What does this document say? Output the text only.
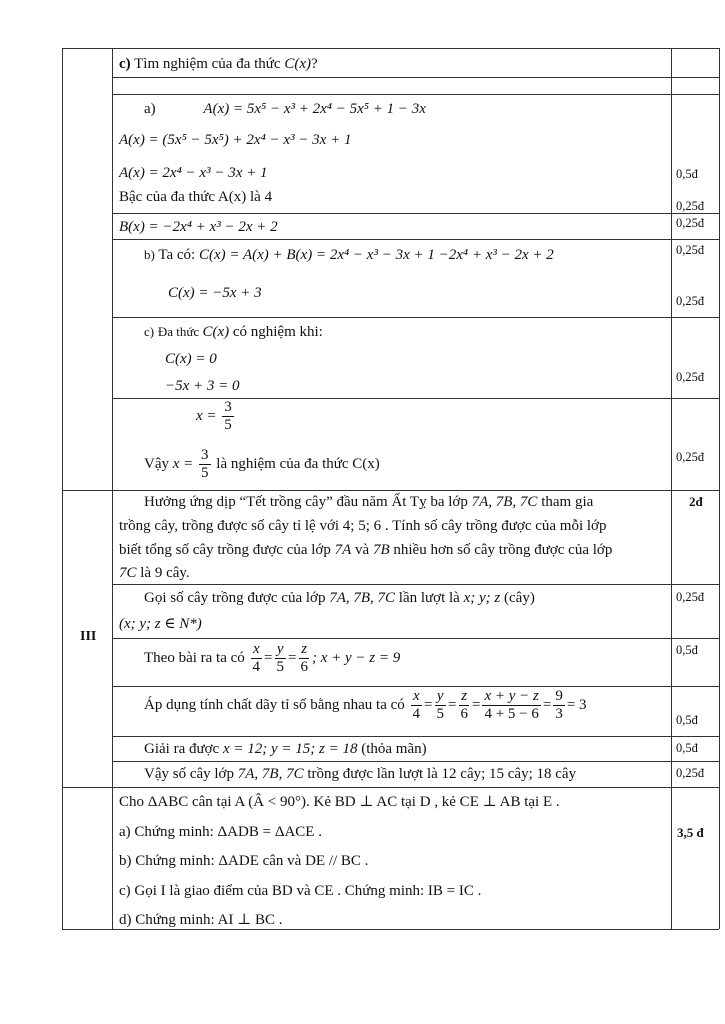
c) Tìm nghiệm của đa thức C(x)?
a)	A(x) = 5x⁵ − x³ + 2x⁴ − 5x⁵ + 1 − 3x
A(x) = (5x⁵ − 5x⁵) + 2x⁴ − x³ − 3x + 1
A(x) = 2x⁴ − x³ − 3x + 1
Bậc của đa thức A(x) là 4
B(x) = −2x⁴ + x³ − 2x + 2
b) Ta có: C(x) = A(x) + B(x) = 2x⁴ − x³ − 3x + 1 −2x⁴ + x³ − 2x + 2
C(x) = −5x + 3
c) Đa thức C(x) có nghiệm khi:
C(x) = 0
−5x + 3 = 0
$x = \frac{3}{5}$
Vậy $x = \frac{3}{5}$ là nghiệm của đa thức C(x)
0,5đ
0,25đ
0,25đ
0,25đ
0,25đ
0,25đ
0,25đ
III
2đ
Hưởng ứng dịp “Tết trồng cây” đầu năm Ất Tỵ ba lớp 7A, 7B, 7C tham gia
trồng cây, trồng được số cây tỉ lệ với 4; 5; 6 . Tính số cây trồng được của mỗi lớp
biết tổng số cây trồng được của lớp 7A và 7B nhiều hơn số cây trồng được của lớp
7C là 9 cây.
Gọi số cây trồng được của lớp 7A, 7B, 7C lần lượt là x; y; z (cây)
(x; y; z ∈ N*)
Theo bài ra ta có $\frac{x}{4} = \frac{y}{5} = \frac{z}{6}$ ; x + y − z = 9
Áp dụng tính chất dãy tỉ số bằng nhau ta có $\frac{x}{4} = \frac{y}{5} = \frac{z}{6} = \frac{x + y - z}{4 + 5 - 6} = \frac{9}{3} = 3$
Giải ra được x = 12; y = 15; z = 18 (thỏa mãn)
Vậy số cây lớp 7A, 7B, 7C trồng được lần lượt là 12 cây; 15 cây; 18 cây
0,25đ
0,5đ
0,5đ
0,5đ
0,25đ
Cho ΔABC cân tại A (Â < 90°). Kẻ BD ⊥ AC tại D , kẻ CE ⊥ AB tại E .
a) Chứng minh: ΔADB = ΔACE .
b) Chứng minh: ΔADE cân và DE // BC .
c) Gọi I là giao điểm của BD và CE . Chứng minh: IB = IC .
d) Chứng minh: AI ⊥ BC .
3,5 đ
